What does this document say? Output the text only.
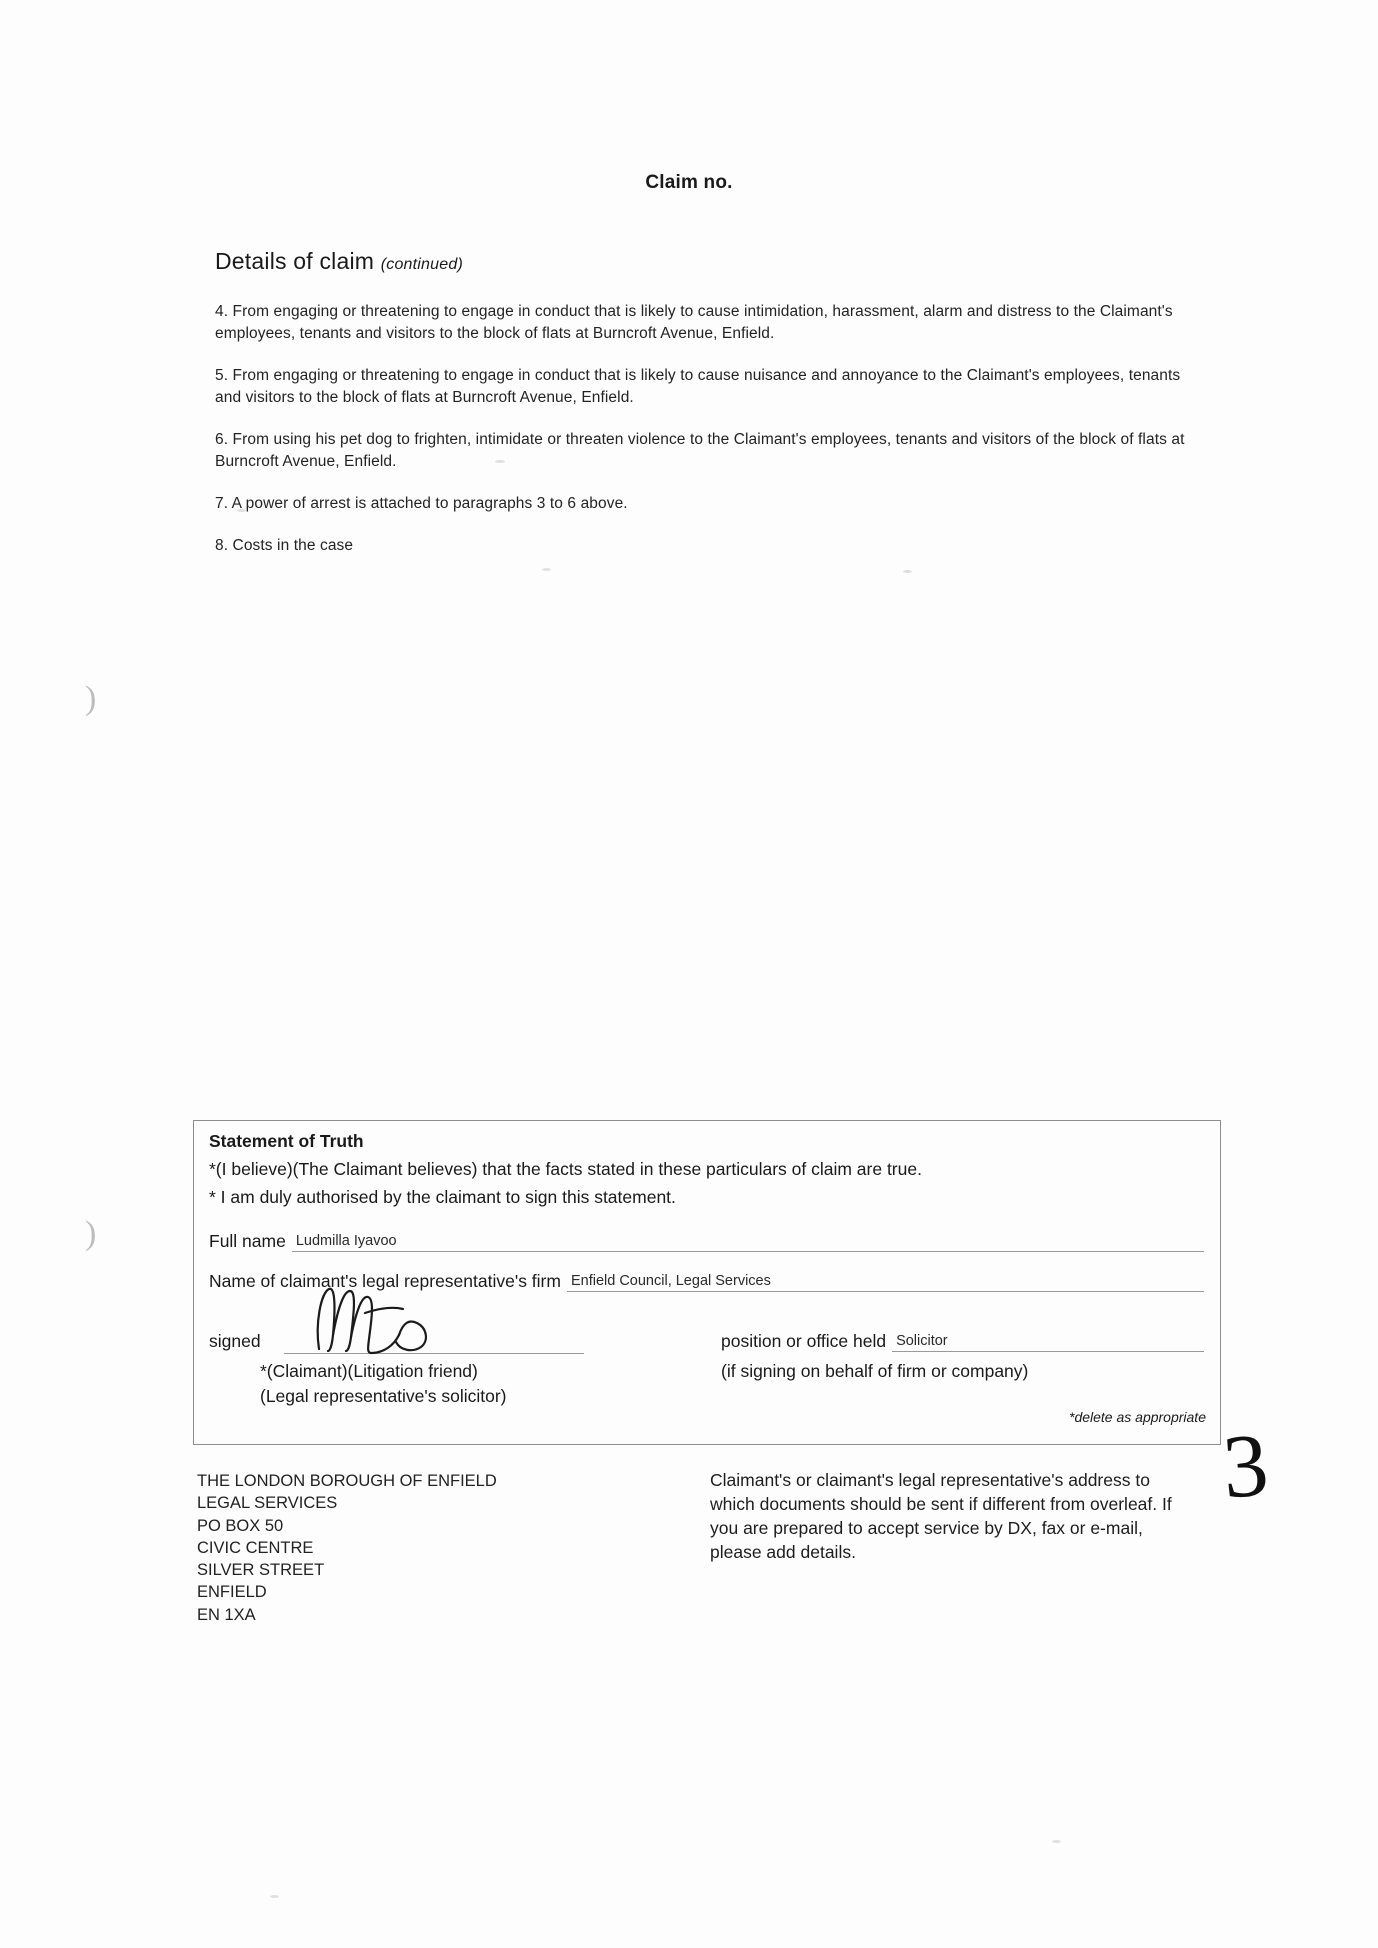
)
)
Claim no.
Details of claim (continued)

4. From engaging or threatening to engage in conduct that is likely to cause intimidation, harassment, alarm and distress to the Claimant's employees, tenants and visitors to the block of flats at Burncroft Avenue, Enfield.

5. From engaging or threatening to engage in conduct that is likely to cause nuisance and annoyance to the Claimant's employees, tenants and visitors to the block of flats at Burncroft Avenue, Enfield.

6. From using his pet dog to frighten, intimidate or threaten violence to the Claimant's employees, tenants and visitors of the block of flats at Burncroft Avenue, Enfield.

7. A power of arrest is attached to paragraphs 3 to 6 above.

8. Costs in the case

Statement of Truth
*(I believe)(The Claimant believes) that the facts stated in these particulars of claim are true.
* I am duly authorised by the claimant to sign this statement.
Full name Ludmilla Iyavoo
Name of claimant's legal representative's firm Enfield Council, Legal Services
signed
*(Claimant)(Litigation friend)
(Legal representative's solicitor)
position or office held Solicitor
(if signing on behalf of firm or company)
*delete as appropriate
THE LONDON BOROUGH OF ENFIELD
LEGAL SERVICES
PO BOX 50
CIVIC CENTRE
SILVER STREET
ENFIELD
EN 1XA
Claimant's or claimant's legal representative's address to which documents should be sent if different from overleaf. If you are prepared to accept service by DX, fax or e-mail, please add details.
3
